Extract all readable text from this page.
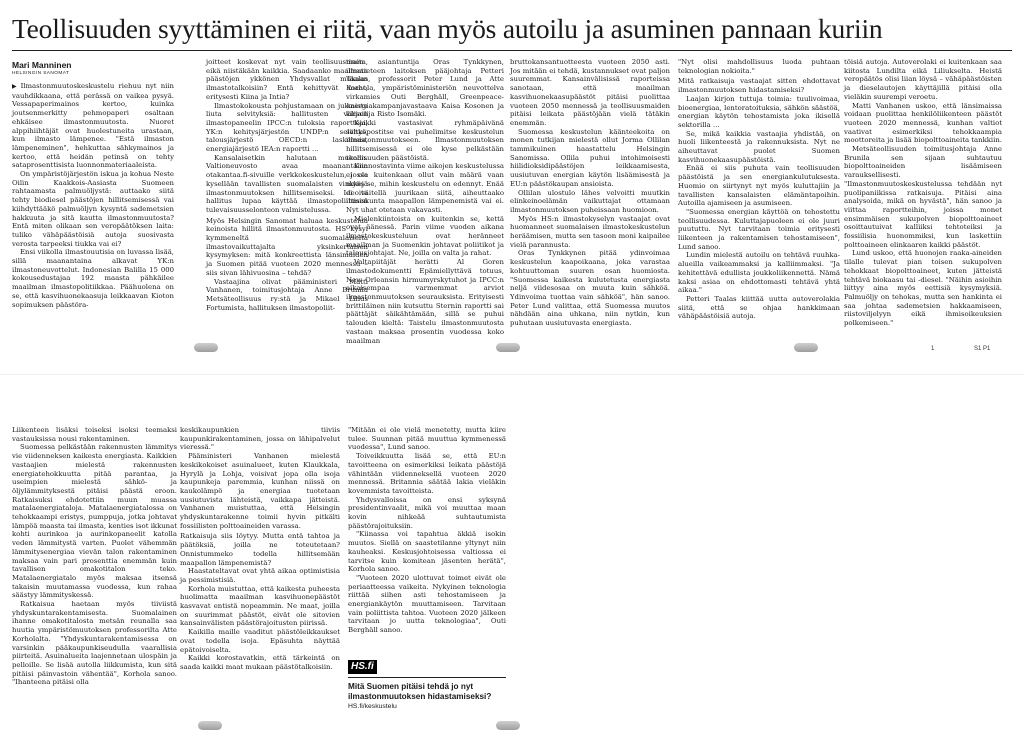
Teollisuuden syyttäminen ei riitä, vaan myös autoilu ja asuminen pannaan kuriin
Mari Manninen
HELSINGIN SANOMAT

▶ Ilmastonmuutoskeskustelu riehuu nyt niin vauhdikkaana, että perässä on vaikea pysyä. Vessapaperimainos kertoo, kuinka joutsenmerkitty pehmopaperi osaltaan ehkäisee ilmastonmuutosta. Nuoret alppihiihtäjät ovat huolestuneita urastaan, kun ilmasto lämpenee. "Estä ilmaston lämpeneminen", hehkuttaa sähkymainos ja kertoo, että heidän petinsä on tehty sataprosenttisista luonnonmateriaaleista.

On ympäristöjärjestön iskua ja kohua Neste Oilin Kaakkois-Aasiasta Suomeen rahtaamasta palmuöljystä: auttaako siitä tehty biodiesel päästöjen hillitsemisessä vai kiihdyttääkö palmuöljyn kysyntä sademetsien hakkuuta ja sitä kautta ilmastonmuutosta? Entä miten olikaan sen veropäätöksen laita: tuliko vähäpäästöisiä autoja suosivasta verosta tarpeeksi tiukka vai ei?

Ensi viikolla ilmastouutisia on luvassa lisää, sillä maanantaina alkavat YK:n ilmastoneuvottelut. Indonesian Balilla 15 000 kokousedustajaa 192 maasta pähkäilee maailman ilmastopolitiikkaa. Päähuolena on se, että kasvihuonekaasuja leikkaavan Kioton sopimuksen päästöra-

joitteet koskevat nyt vain teollisuusmaita, eikä niistäkään kaikkia. Saadaanko maailman päästöjen ykkönen Yhdysvallat mukaan ilmastotalkoisiin? Entä kehittyvät maat, eritysesti Kiina ja Intia?

Ilmastokokousta pohjustamaan on julkaistu liuta selvityksiä: hallitusten välisen ilmastopaneelin IPCC:n tuloksia raportteja, YK:n kehitysjärjestön UNDP:n selvitys, talousjärjestö OECD:n laskelmia, energiajärjestö IEA:n raportti …

Kansalaisetkin halutaan mukaan. Valtioneuvosto avaa maanantaina otakantaa.fi-sivuille verkkokeskustelun, jossa kysellään tavallisten suomalaisten vinkkejä ilmastonmuutoksen hillitsemiseksi. Ideoita hallitus lupaa käyttää ilmastopoliittisen tulevaisuusselonteon valmistelussa.

Myös Helsingin Sanomat haluaa keskustelua keinoista hillitä ilmastonmuutosta. HS kysyi kymmeneltä suomalaiselta ilmastovaikuttajalta yksinkertaisen kysymyksen: mitä konkreettista länsimaiden ja Suomen pitää vuoteen 2020 mennessä – siis sivan lähivuosina – tehdä?

Vastaajina olivat pääministeri Matti Vanhanen, toimitusjohtaja Anne Brunila Metsäteollisuus ry:stä ja Mikael Lilius Fortumista, hallituksen ilmastopoliit-

tinen asiantuntija Oras Tynkkynen, ilmatieteen laitoksen pääjohtaja Petteri Taalas, professorit Peter Lund ja Atte Korhola, ympäristöministeriön neuvottelva virkamies Outi Berghäll, Greenpeace-energiakampanjavastaava Kaisa Kosonen ja kirjailija Risto Isomäki.

Kaikki vastasivat ryhmäpäivänä sähköpostitse vai puhelimitse keskustelun ilmastonmuutokseen. Ilmastonmuutoksen hillitsemisessä ei ole kyse pelkästään teollisuuden päästöistä.

Kiinnostavinta viime aikojen keskustelussa ei ole kuitenkaan ollut vain määrä vaan myös se, mihin keskustelu on edennyt. Enää ei väitellä juurikaan siitä, aiheuttaako ihmiskunta maapallon lämpenemistä vai ei. Nyt uhat otetaan vakavasti.

Mielenkiintoista on kuitenkin se, kettä ovat äänessä. Parin viime vuoden aikana ilmastokeskusteluun ovat heränneet maailman ja Suomenkin johtavat poliitikot ja talousjohtajat. Ne, joilla on valta ja rahat.

Valtapiitäjät herätti Al Goren ilmastodokumentti Epämiellyttävä totuus, New Orleansin hirmumyrskytuhot ja IPCC:n aikaisempaa varmemmat arviot ilmastonmuutoksen seurauksista. Erityisesti brittiläinen niin kutsuttu Sternin raportti sai päättäjät säikähtämään, sillä se puhui talouden kieltä: Taistelu ilmastonmuutosta vastaan maksaa prosentin vuodessa koko maailman

bruttokansantuotteesta vuoteen 2050 asti. Jos mitään ei tehdä, kustannukset ovat paljon suuremmat. Kansainvälisissä raporteissa sanotaan, että maailman kasvihuonekaasupäästöt pitäisi puolittaa vuoteen 2050 mennessä ja teollisuusmaiden pitäisi leikata päästöjään vielä tätäkin enemmän.

Suomessa keskustelun käänteekoita on monen tutkijan mielestä ollut Jorma Ollilan tammikuinen haastattelu Helsingin Sanomissa. Ollila puhui intohimoisesti hiilidioksidipäästöjen leikkaamisesta, uusiutuvan energian käytön lisäämisestä ja EU:n päästökaupan ansioista.

Ollilan ulostulo lähes velvoitti muutkin elinkeinoelämän vaikuttajat ottamaan ilmastonmuutoksen puheissaan huomioon.

Myös HS:n ilmastokyselyn vastaajat ovat huomanneet suomalaisen ilmastokeskustelun heräämisen, mutta sen tasoon moni kaipailee vielä parannusta.

Oras Tynkkynen pitää ydinvoimaa keskustelun kaapoikaana, joka varastaa kohtuuttoman suuren osan huomiosta. "Suomessa kaikesta kulutetusta energiasta neljä viidesosaa on muuta kuin sähköä. Ydinvoima tuottaa vain sähköä", hän sanoo. Peter Lund valittaa, että Suomessa muutos nähdään aina uhkana, niin nytkin, kun puhutaan uusiutuvasta energiasta.

"Nyt olisi mahdollisuus luoda puhtaan teknologian nokioita."

Mitä ratkaisuja vastaajat sitten ehdottavat ilmastonmuutoksen hidastamiseksi?

Laajan kirjon tuttuja toimia: tuulivoimaa, bioenergiaa, lentoratoituksia, sähkön säästöä, energian käytön tehostamista joka ikisellä sektorilla …

Se, mikä kaikkia vastaajia yhdistää, on huoli liikenteestä ja rakennuksista. Nyt ne aiheuttavat puolet Suomen kasvihuonekaasupäästöistä.

Enää ei siis puhuta vain teollisuuden päästöistä ja sen energiankulutuksesta. Huomio on siirtynyt nyt myös kuluttajiin ja tavallisten kansalaisten elämäntapoihin. Autoilla ajamiseen ja asumiseen.

"Suomessa energian käyttöä on tehostettu teollisuudessa. Kuluttajapuoleen ei ole juuri puututtu. Nyt tarvitaan toimia eritysesti liikenteen ja rakentamisen tehostamiseen", Lund sanoo.

Lundin mielestä autoilu on tehtävä ruuhka-alueilla vaikeammaksi ja kalliimmaksi. "Ja kehitettävä edullista joukkoliikennettä. Nämä kaksi asiaa on ehdottomasti tehtävä yhtä aikaa."

Petteri Taalas kiittää uutta autoverolakia siitä, että se ohjaa hankkimaan vähäpäästöisiä autoja.

töisiä autoja. Autoverolaki ei kuitenkaan saa kiitosta Lundilta eikä Liliukselta. Heistä veropäätös olisi liian löysä – vähäpäästöisten ja dieselautojen käyttäjillä pitäisi olla vieläkin suurempi veroetu.

Matti Vanhanen uskoo, että länsimaissa voidaan puolittaa henkilöliikenteen päästöt vuoteen 2020 mennessä, kunhan valtiot vaativat esimerkiksi tehokkaampia moottoreita ja lisää biopolttoaineita tankkiin.

Metsäteollisuuden toimitusjohtaja Anne Brunila sen sijaan suhtautuu biopolttoaineiden lisäämiseen varauksellisesti. "Ilmastonmuutoskeskustelussa tehdään nyt puolipaniikissa ratkaisuja. Pitäisi aina analysoida, mikä on hyvästä", hän sanoo ja viittaa raportteihin, joissa monet ensimmäisen sukupolven biopolttoaineet osoittautuivat kalliiksi tehtoteiksi ja fossiilisia huonommiksi, kun laskettiin polttoaineen elinkaaren kaikki päästöt.

Lund uskoo, että huonojen raaka-aineiden tilalle tulevat pian toisen sukupolven tehokkaat biopolttoaineet, kuten jätteistä tehtävä biokaasu tai -diesel. "Näihin asioihin liittyy aina myös eettisiä kysymyksiä. Palmuöljy on tehokas, mutta sen hankinta ei saa johtaa sademetsien hakkaamiseen, riistoviljelyyn eikä ihmisoikeuksien polkemiseen."

1	S1 P1

Liikenteen lisäksi toiseksi isoksi teemaksi vastauksissa nousi rakentaminen.

Suomessa pelkästään rakennusten lämmitys vie viidenneksen kaikesta energiasta. Kaikkien vastaajien mielestä rakennusten energiatehokkuutta pitää parantaa, ja useimpien mielestä sähkö- ja öljylämmityksestä pitäisi päästä eroon. Ratkaisuksi ehdotettiin muun muassa matalaenergiataloja. Matalaenergiatalossa on tehokkaampi eristys, pumppuja, jotka johtavat lämpöä maasta tai ilmasta, kenties isot ikkunat kohti aurinkoa ja aurinkopaneelit katolla veden lämmitystä varten. Puolet vähemmän lämmitysenergiaa vievän talon rakentaminen maksaa vain pari prosenttia enemmän kuin tavallisen omakotitalon teko. Matalaenergiatalo myös maksaa itsensä takaisin muutamassa vuodessa, kun rahaa säästyy lämmityskessä.

Ratkaisua haetaan myös tiiviistä yhdyskuntarakentamisesta. Suomalainen ihanne omakotitalosta metsän reunalla saa huutia ympäristömuutoksen professorilta Atte Korholalta. "Yhdyskuntarakentamisessa on varsinkin pääkaupunkiseudulla vaarallisia piirteitä. Asuinalueita laajennetaan ulospäin ja pelloille. Se lisää autolla liikkumista, kun sitä pitäisi päinvastoin vähentää", Korhola sanoo. "Ihanteena pitäisi olla

keskikaupunkien tiiviis kaupunkirakentaminen, jossa on lähipalvelut vieressä."

Pääministeri Vanhanen mielestä keskikokoiset asuinalueet, kuten Klaukkala, Hyrylä ja Lohja, voisivat jopa olla isoja kaupunkeja paremmia, kunhan niissä on kaukolämpö ja energiaa tuotetaan uusiutuvista lähteistä, vaikkapa jätteistä. Vanhanen muistuttaa, että Helsingin yhdyskuntarakenne toimii hyvin pitkälti fossiilisten polttoaineiden varassa.

Ratkaisuja siis löytyy. Mutta entä tahtoa ja päätöksiä, joilla ne toteutetaan? Onnistummeko todella hillitsemään maapallon lämpenemistä?

Haastateltavat ovat yhtä aikaa optimistisia ja pessimistisiä.

Korhola muistuttaa, että kaikesta puheesta huolimatta maailman kasvihuonepäästöt kasvavat entistä nopeammin. Ne maat, joilla on suurimmat päästöt, eivät ole sitovien kansainvälisten päästörajoitusten piirissä.

Kaikilla maille vaaditut päästöleikkaukset ovat todella isoja. Epäsuhta näyttää epätoivoiselta.

Kaikki korostavatkin, että tärkeintä on saada kaikki maat mukaan päästötalkoisiin.

"Mitään ei ole vielä menetetty, mutta kiire tulee. Suunnan pitää muuttua kymmenessä vuodessa", Lund sanoo.

Toiveikkuutta lisää se, että EU:n tavoitteena on esimerkiksi leikata päästöjä vähintään viidenneksellä vuoteen 2020 mennessä. Britannia säätää lakia vieläkin kovemmista tavoitteista.

Yhdysvalloissa on ensi syksynä presidentinvaalit, mikä voi muuttaa maan kovin nihkeää suhtautumista päästörajoituksiin.

"Kiinassa voi tapahtua äkkiä isokin muutos. Siellä on saastetilanne yltynyt niin kauheaksi. Keskusjohtoisessa valtiossa ei tarvitse kuin komitean jäsenten herätä", Korhola sanoo.

"Vuoteen 2020 ulottuvat toimet eivät ole periaatteessa vaikeita. Nykyinen teknologia riittää siihen asti tehostamiseen ja energiankäytön muuttamiseen. Tarvitaan vain poliittista tahtoa. Vuoteen 2020 jälkeen tarvitaan jo uutta teknologiaa", Outi Berghäll sanoo.

HS.fi
Mitä Suomen pitäisi tehdä jo nyt ilmastonmuutoksen hidastamiseksi?
HS.fi/keskustelu
